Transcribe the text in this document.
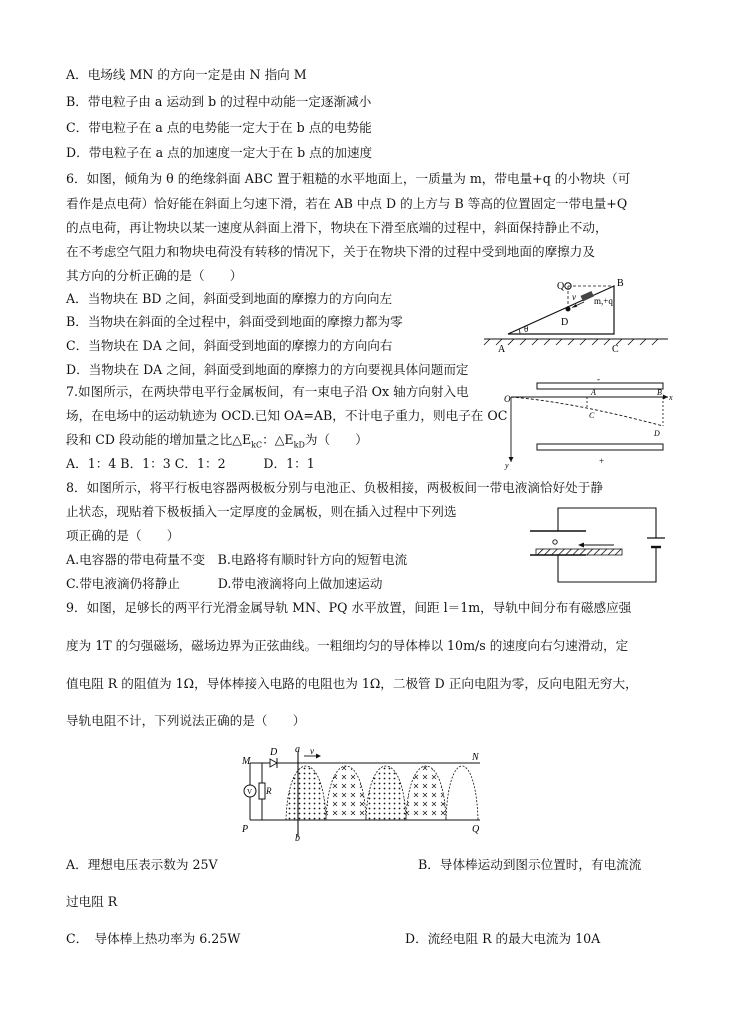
A．电场线 MN 的方向一定是由 N 指向 M
B．带电粒子由 a 运动到 b 的过程中动能一定逐渐减小
C．带电粒子在 a 点的电势能一定大于在 b 点的电势能
D．带电粒子在 a 点的加速度一定大于在 b 点的加速度
6．如图，倾角为 θ 的绝缘斜面 ABC 置于粗糙的水平地面上，一质量为 m，带电量+q 的小物块（可
看作是点电荷）恰好能在斜面上匀速下滑，若在 AB 中点 D 的上方与 B 等高的位置固定一带电量+Q
的点电荷，再让物块以某一速度从斜面上滑下，物块在下滑至底端的过程中，斜面保持静止不动，
在不考虑空气阻力和物块电荷没有转移的情况下，关于在物块下滑的过程中受到地面的摩擦力及
其方向的分析正确的是（　　）
A．当物块在 BD 之间，斜面受到地面的摩擦力的方向向左
B．当物块在斜面的全过程中，斜面受到地面的摩擦力都为零
C．当物块在 DA 之间，斜面受到地面的摩擦力的方向向右
D．当物块在 DA 之间，斜面受到地面的摩擦力的方向要视具体问题而定
Q	B
v m,+q
D
A	C
θ
7.如图所示，在两块带电平行金属板间，有一束电子沿 Ox 轴方向射入电
场，在电场中的运动轨迹为 OCD.已知 OA=AB，不计电子重力，则电子在 OC
段和 CD 段动能的增加量之比$\triangle E_{kC}$：$\triangle E_{kD}$为（　　）
A．1：4 B．1：3 C．1：2　　　D．1：1
-
O
A	B
x
C
D
y	+
8．如图所示，将平行板电容器两极板分别与电池正、负极相接，两极板间一带电液滴恰好处于静
止状态，现贴着下极板插入一定厚度的金属板，则在插入过程中下列选
项正确的是（　　）
A.电容器的带电荷量不变　B.电路将有顺时针方向的短暂电流
C.带电液滴仍将静止　　　D.带电液滴将向上做加速运动
9．如图，足够长的两平行光滑金属导轨 MN、PQ 水平放置，间距 l＝1m，导轨中间分布有磁感应强
度为 1T 的匀强磁场，磁场边界为正弦曲线。一粗细均匀的导体棒以 10m/s 的速度向右匀速滑动，定
值电阻 R 的阻值为 1Ω，导体棒接入电路的电阻也为 1Ω，二极管 D 正向电阻为零，反向电阻无穷大，
导轨电阻不计，下列说法正确的是（　　）
M
D a v
N
V R
P
b
Q
A．理想电压表示数为 25V	B．导体棒运动到图示位置时，有电流流
过电阻 R
C．　导体棒上热功率为 6.25W	D．流经电阻 R 的最大电流为 10A
